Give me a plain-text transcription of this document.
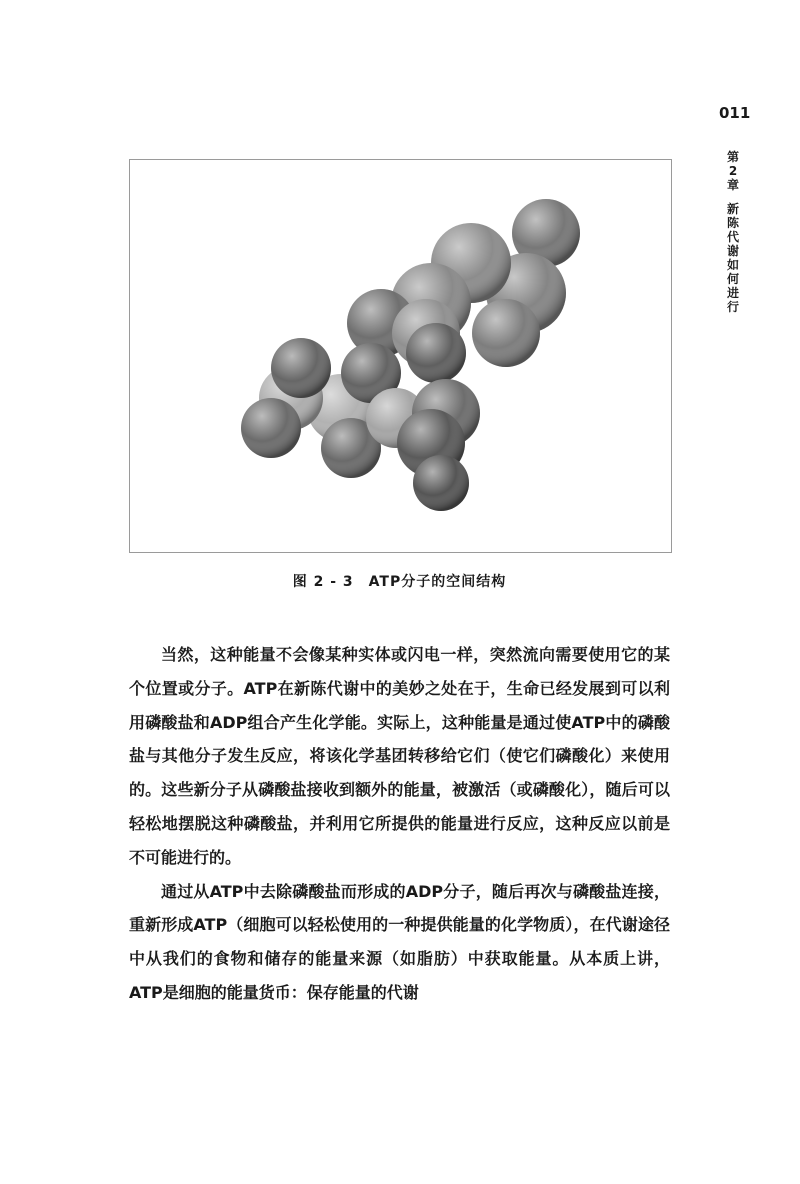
011
第2章
新陈代谢如何进行
图 2 - 3　ATP分子的空间结构

当然，这种能量不会像某种实体或闪电一样，突然流向需要使用它的某个位置或分子。ATP在新陈代谢中的美妙之处在于，生命已经发展到可以利用磷酸盐和ADP组合产生化学能。实际上，这种能量是通过使ATP中的磷酸盐与其他分子发生反应，将该化学基团转移给它们（使它们磷酸化）来使用的。这些新分子从磷酸盐接收到额外的能量，被激活（或磷酸化），随后可以轻松地摆脱这种磷酸盐，并利用它所提供的能量进行反应，这种反应以前是不可能进行的。

通过从ATP中去除磷酸盐而形成的ADP分子，随后再次与磷酸盐连接，重新形成ATP（细胞可以轻松使用的一种提供能量的化学物质），在代谢途径中从我们的食物和储存的能量来源（如脂肪）中获取能量。从本质上讲，ATP是细胞的能量货币：保存能量的代谢
